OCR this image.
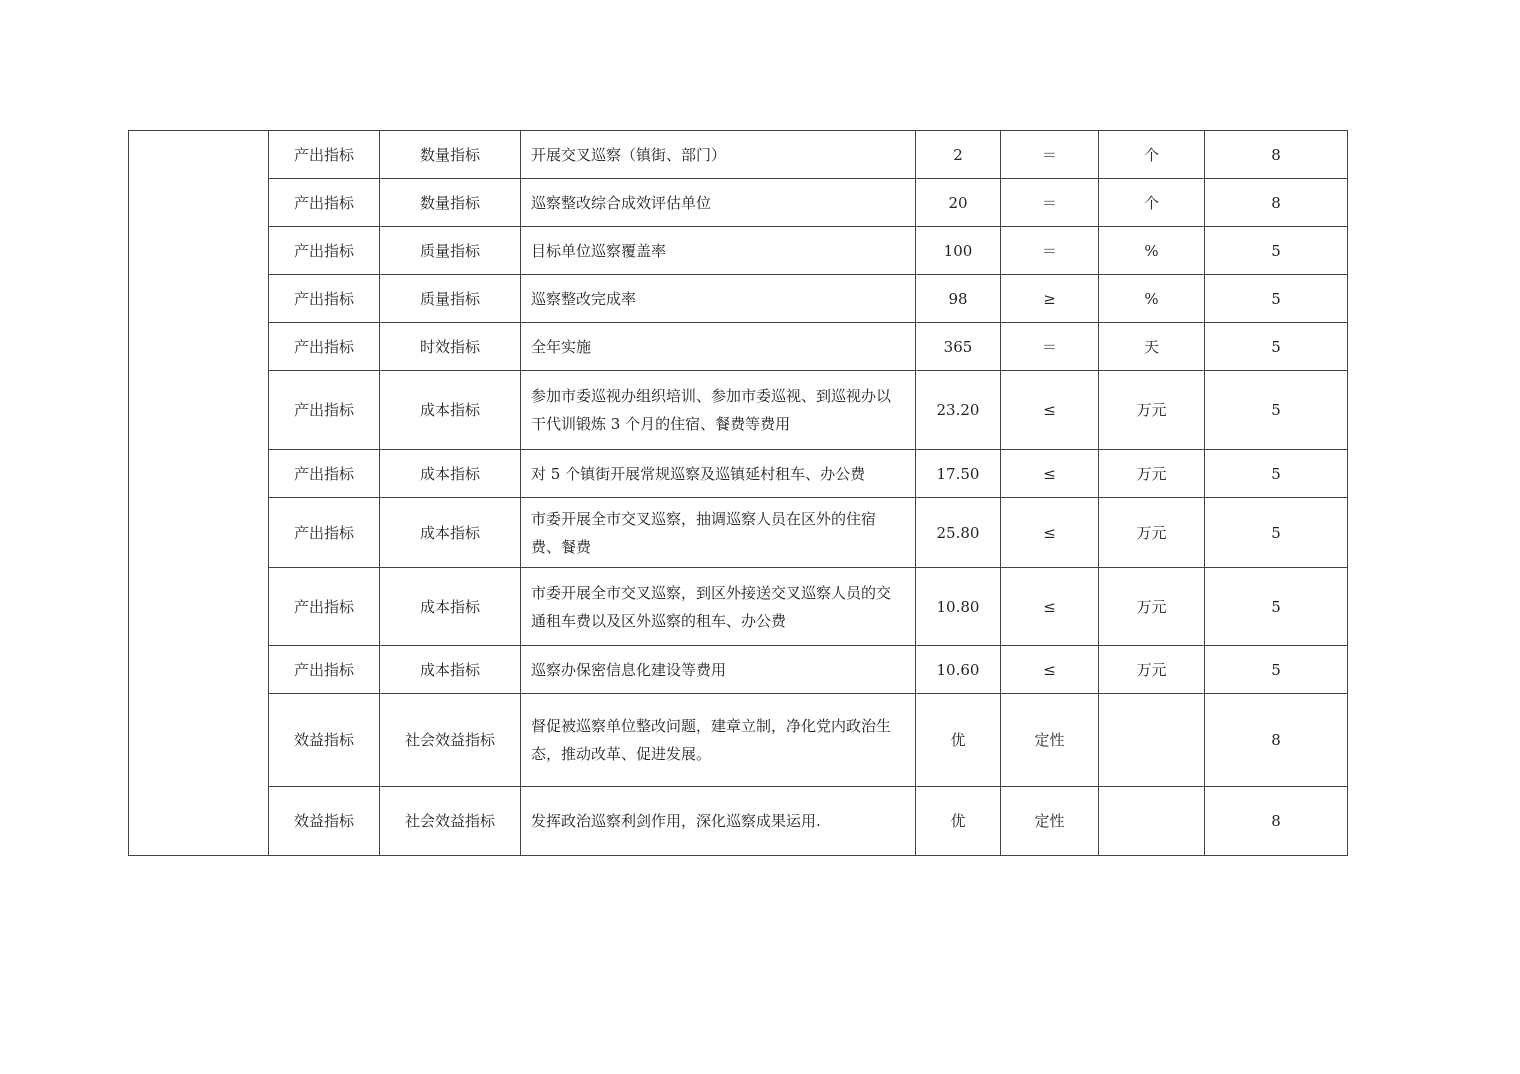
	产出指标	数量指标	开展交叉巡察（镇街、部门）	2	＝	个	8
	产出指标	数量指标	巡察整改综合成效评估单位	20	＝	个	8
	产出指标	质量指标	目标单位巡察覆盖率	100	＝	%	5
	产出指标	质量指标	巡察整改完成率	98	≥	%	5
	产出指标	时效指标	全年实施	365	＝	天	5
	产出指标	成本指标	参加市委巡视办组织培训、参加市委巡视、到巡视办以干代训锻炼 3 个月的住宿、餐费等费用	23.20	≤	万元	5
	产出指标	成本指标	对 5 个镇街开展常规巡察及巡镇延村租车、办公费	17.50	≤	万元	5
	产出指标	成本指标	市委开展全市交叉巡察，抽调巡察人员在区外的住宿费、餐费	25.80	≤	万元	5
	产出指标	成本指标	市委开展全市交叉巡察，到区外接送交叉巡察人员的交通租车费以及区外巡察的租车、办公费	10.80	≤	万元	5
	产出指标	成本指标	巡察办保密信息化建设等费用	10.60	≤	万元	5
	效益指标	社会效益指标	督促被巡察单位整改问题，建章立制，净化党内政治生态，推动改革、促进发展。	优	定性		8
	效益指标	社会效益指标	发挥政治巡察利剑作用，深化巡察成果运用.	优	定性		8
